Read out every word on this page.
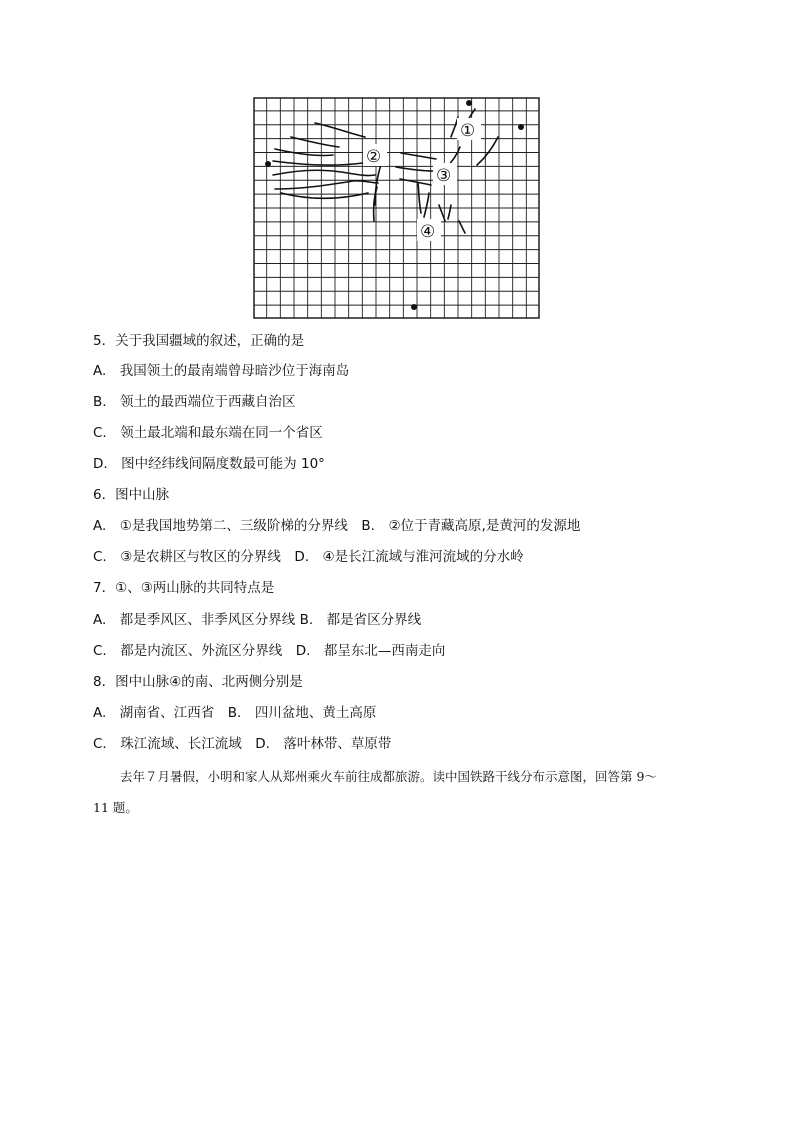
①
②
③
④
5．关于我国疆域的叙述，正确的是
A.　我国领土的最南端曾母暗沙位于海南岛
B.　领土的最西端位于西藏自治区
C.　领土最北端和最东端在同一个省区
D.　图中经纬线间隔度数最可能为 10°
6．图中山脉
A.　①是我国地势第二、三级阶梯的分界线　B.　②位于青藏高原,是黄河的发源地
C.　③是农耕区与牧区的分界线　D.　④是长江流域与淮河流域的分水岭
7．①、③两山脉的共同特点是
A.　都是季风区、非季风区分界线 B.　都是省区分界线
C.　都是内流区、外流区分界线　D.　都呈东北—西南走向
8．图中山脉④的南、北两侧分别是
A.　湖南省、江西省　B.　四川盆地、黄土高原
C.　珠江流域、长江流域　D.　落叶林带、草原带
去年７月暑假，小明和家人从郑州乘火车前往成都旅游。读中国铁路干线分布示意图，回答第 9～
11 题。
